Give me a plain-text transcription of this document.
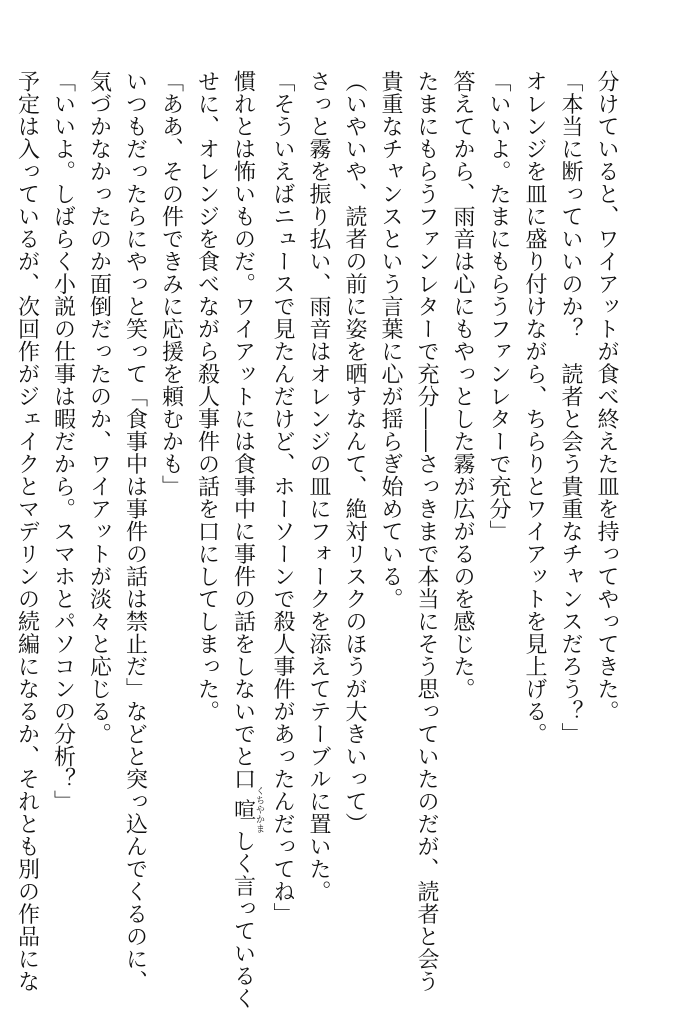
分けていると、ワイアットが食べ終えた皿を持ってやってきた。
「本当に断っていいのか？　読者と会う貴重なチャンスだろう？」
オレンジを皿に盛り付けながら、ちらりとワイアットを見上げる。
「いいよ。たまにもらうファンレターで充分」
答えてから、雨音は心にもやっとした霧が広がるのを感じた。
たまにもらうファンレターで充分――さっきまで本当にそう思っていたのだが、読者と会う
貴重なチャンスという言葉に心が揺らぎ始めている。
（いやいや、読者の前に姿を晒すなんて、絶対リスクのほうが大きいって）
さっと霧を振り払い、雨音はオレンジの皿にフォークを添えてテーブルに置いた。
「そういえばニュースで見たんだけど、ホーソーンで殺人事件があったんだってね」
慣れとは怖いものだ。ワイアットには食事中に事件の話をしないでと口喧くちやかましく言っているく
せに、オレンジを食べながら殺人事件の話を口にしてしまった。
「ああ、その件できみに応援を頼むかも」
いつもだったらにやっと笑って「食事中は事件の話は禁止だ」などと突っ込んでくるのに、
気づかなかったのか面倒だったのか、ワイアットが淡々と応じる。
「いいよ。しばらく小説の仕事は暇だから。スマホとパソコンの分析？」
予定は入っているが、次回作がジェイクとマデリンの続編になるか、それとも別の作品にな
